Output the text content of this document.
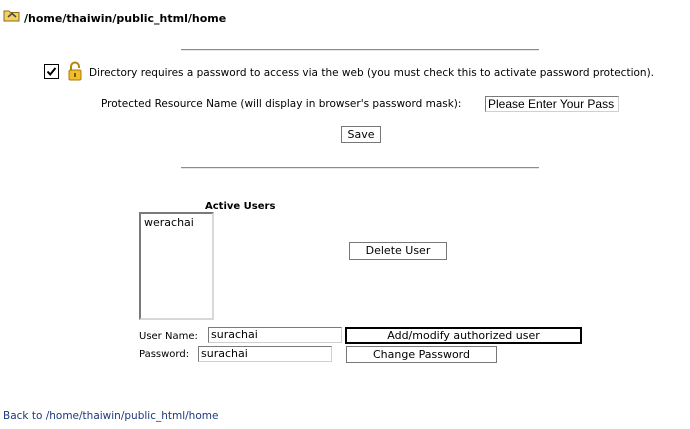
/home/thaiwin/public_html/home
Directory requires a password to access via the web (you must check this to activate password protection).
Protected Resource Name (will display in browser's password mask): Please Enter Your Pass
Save
Active Users
werachai
Delete User
User Name: surachai	Add/modify authorized user
Password: surachai	Change Password
Back to /home/thaiwin/public_html/home
